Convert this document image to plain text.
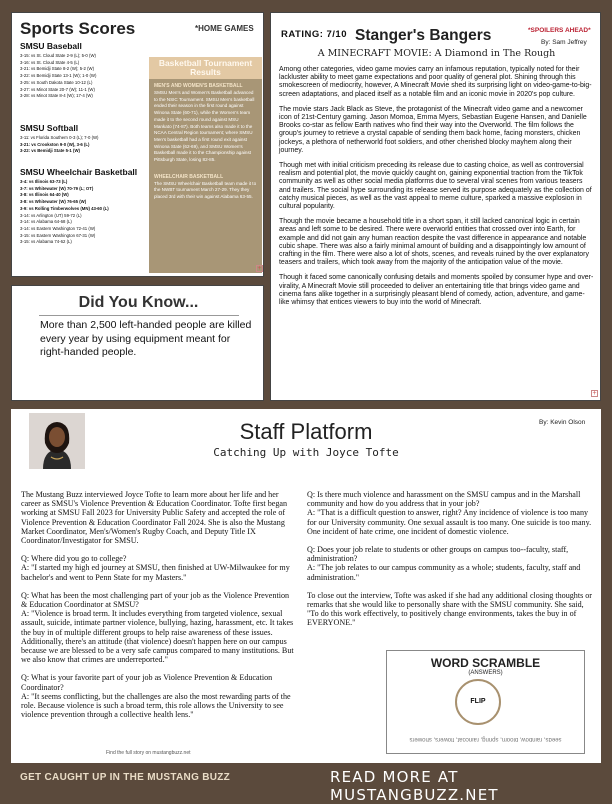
Sports Scores	*HOME GAMES
SMSU Baseball
3-15: vs St. Cloud State 2-9 (L); 5-0 (W)
3-16: vs St. Cloud State 4-5 (L)
3-21: vs Bemidji State 8-2 (W); 5-2 (W)
3-22: vs Bemidji State 13-1 (W); 1-0 (W)
3-25: vs South Dakota State 10-12 (L)
3-27: vs Minot State 20-7 (W); 11-1 (W)
3-28: vs Minot State 8-4 (W); 17-4 (W)
SMSU Softball
3-11: vs Florida Southern 0-3 (L); 7-0 (W)
3-21: vs Crookston 9-0 (W), 3-6 (L)
3-22: vs Bemidji State 5-1 (W)
SMSU Wheelchair Basketball
3-4: vs Illinois 63-73 (L)
3-7: vs Whitewater (W) 70-79 (L; OT)
3-8: vs Illinois 64-40 (W)
3-8: vs Whitewater (W) 76-65 (W)
3-9: vs Rolling Timberwolves (MN) 43-60 (L)
3-14: vs Arlington (UT) 59-72 (L)
3-14: vs Alabama 64-68 (L)
3-14: vs Eastern Washington 72-41 (W)
3-15: vs Eastern Washington 67-31 (W)
3-15: vs Alabama 74-62 (L)
Basketball Tournament Results
MEN'S AND WOMEN'S BASKETBALL
SMSU Men's and Women's Basketball advanced to the NSIC Tournament. SMSU Men's basketball ended their season in the first round against Winona State (60-71), while the Women's team made it to the second round against MSU Mankato (74-87). Both teams also made it to the NCAA Central Region tournament; where SMSU Men's basketball had a first round exit against Winona State (62-69), and SMSU Women's Basketball made it to the Championship against Pittsburgh State, losing 82-85.
WHEELCHAIR BASKETBALL
The SMSU Wheelchair Basketball team made it to the NWBT tournament March 27-29. They they placed 3rd with their win against Alabama 63-55.
+
RATING: 7/10 Stanger's Bangers	*SPOILERS AHEAD*
By: Sam Jeffrey
A MINECRAFT MOVIE: A Diamond in The Rough

Among other categories, video game movies carry an infamous reputation, typically noted for their lackluster ability to meet game expectations and poor quality of general plot. Shining through this smokescreen of mediocrity, however, A Minecraft Movie shed its surprising light on video-game-to-big-screen adaptations, and placed itself as a notable film and an iconic movie in 2020's pop culture.

The movie stars Jack Black as Steve, the protagonist of the Minecraft video game and a newcomer icon of 21st-Century gaming. Jason Momoa, Emma Myers, Sebastian Eugene Hansen, and Danielle Brooks co-star as fellow Earth natives who find their way into the Overworld. The film follows the group's journey to retrieve a crystal capable of sending them back home, facing monsters, chicken jockeys, a plethora of netherworld foot soldiers, and other cherished blocky mayhem along their journey.

Though met with initial criticism preceding its release due to casting choice, as well as controversial realism and potential plot, the movie quickly caught on, gaining exponential traction from the TikTok community as well as other social media platforms due to several viral scenes from various teasers and trailers. The social hype surrounding its release served its purpose adequately as the collection of catchy musical pieces, as well as the vast appeal to meme culture, sparked a massive explosion in cultural popularity.

Though the movie became a household title in a short span, it still lacked canonical logic in certain areas and left some to be desired. There were overworld entities that crossed over into Earth, for example and did not gain any human reaction despite the vast difference in appearance and notable cubic shape. There was also a fairly minimal amount of building and a disappointingly low amount of crafting in the film. There were also a lot of shots, scenes, and reveals ruined by the over explanatory teasers and trailers, which took away from the majority of the anticipation value of the movie.

Though it faced some canonically confusing details and moments spoiled by consumer hype and over-virality, A Minecraft Movie still proceeded to deliver an entertaining title that brings video game and cinema fans alike together in a surprisingly pleasant blend of comedy, action, adventure, and game-like whimsy that entices viewers to buy into the world of Minecraft.

+
Did You Know...
More than 2,500 left-handed people are killed every year by using equipment meant for right-handed people.
Staff Platform
Catching Up with Joyce Tofte
By: Kevin Olson

The Mustang Buzz interviewed Joyce Tofte to learn more about her life and her career as SMSU's Violence Prevention & Education Coordinator. Tofte first began working at SMSU Fall 2023 for University Public Safety and accepted the role of Violence Prevention & Education Coordinator Fall 2024. She is also the Mustang Market Coordinator, Men's/Women's Rugby Coach, and Deputy Title IX Coordinator/Investigator for SMSU.

Q: Where did you go to college?
A: "I started my high ed journey at SMSU, then finished at UW-Milwaukee for my bachelor's and went to Penn State for my Masters."

Q: What has been the most challenging part of your job as the Violence Prevention & Education Coordinator at SMSU?
A: "Violence is broad term. It includes everything from targeted violence, sexual assault, suicide, intimate partner violence, bullying, hazing, harassment, etc. It takes the buy in of multiple different groups to help raise awareness of these issues. Additionally, there's an attitude (that violence) doesn't happen here on our campus because we are blessed to be a very safe campus compared to many institutions. But we also know that crimes are underreported."

Q: What is your favorite part of your job as Violence Prevention & Education Coordinator?
A: "It seems conflicting, but the challenges are also the most rewarding parts of the role. Because violence is such a broad term, this role allows the University to see violence prevention through a collective health lens."

Q: Is there much violence and harassment on the SMSU campus and in the Marshall community and how do you address that in your job?
A: "That is a difficult question to answer, right? Any incidence of violence is too many for our University community. One sexual assault is too many. One suicide is too many. One incident of hate crime, one incident of domestic violence.

Q: Does your job relate to students or other groups on campus too--faculty, staff, administration?
A: "The job relates to our campus community as a whole; students, faculty, staff and administration."

To close out the interview, Tofte was asked if she had any additional closing thoughts or remarks that she would like to personally share with the SMSU community. She said, "To do this work effectively, to positively change environments, takes the buy in of EVERYONE."

Find the full story on mustangbuzz.net
WORD SCRAMBLE
(ANSWERS)
FLIP
seeds, rainbow, bloom, spring, raincoat, flowers, showers
GET CAUGHT UP IN THE MUSTANG BUZZ	READ MORE AT MUSTANGBUZZ.NET
